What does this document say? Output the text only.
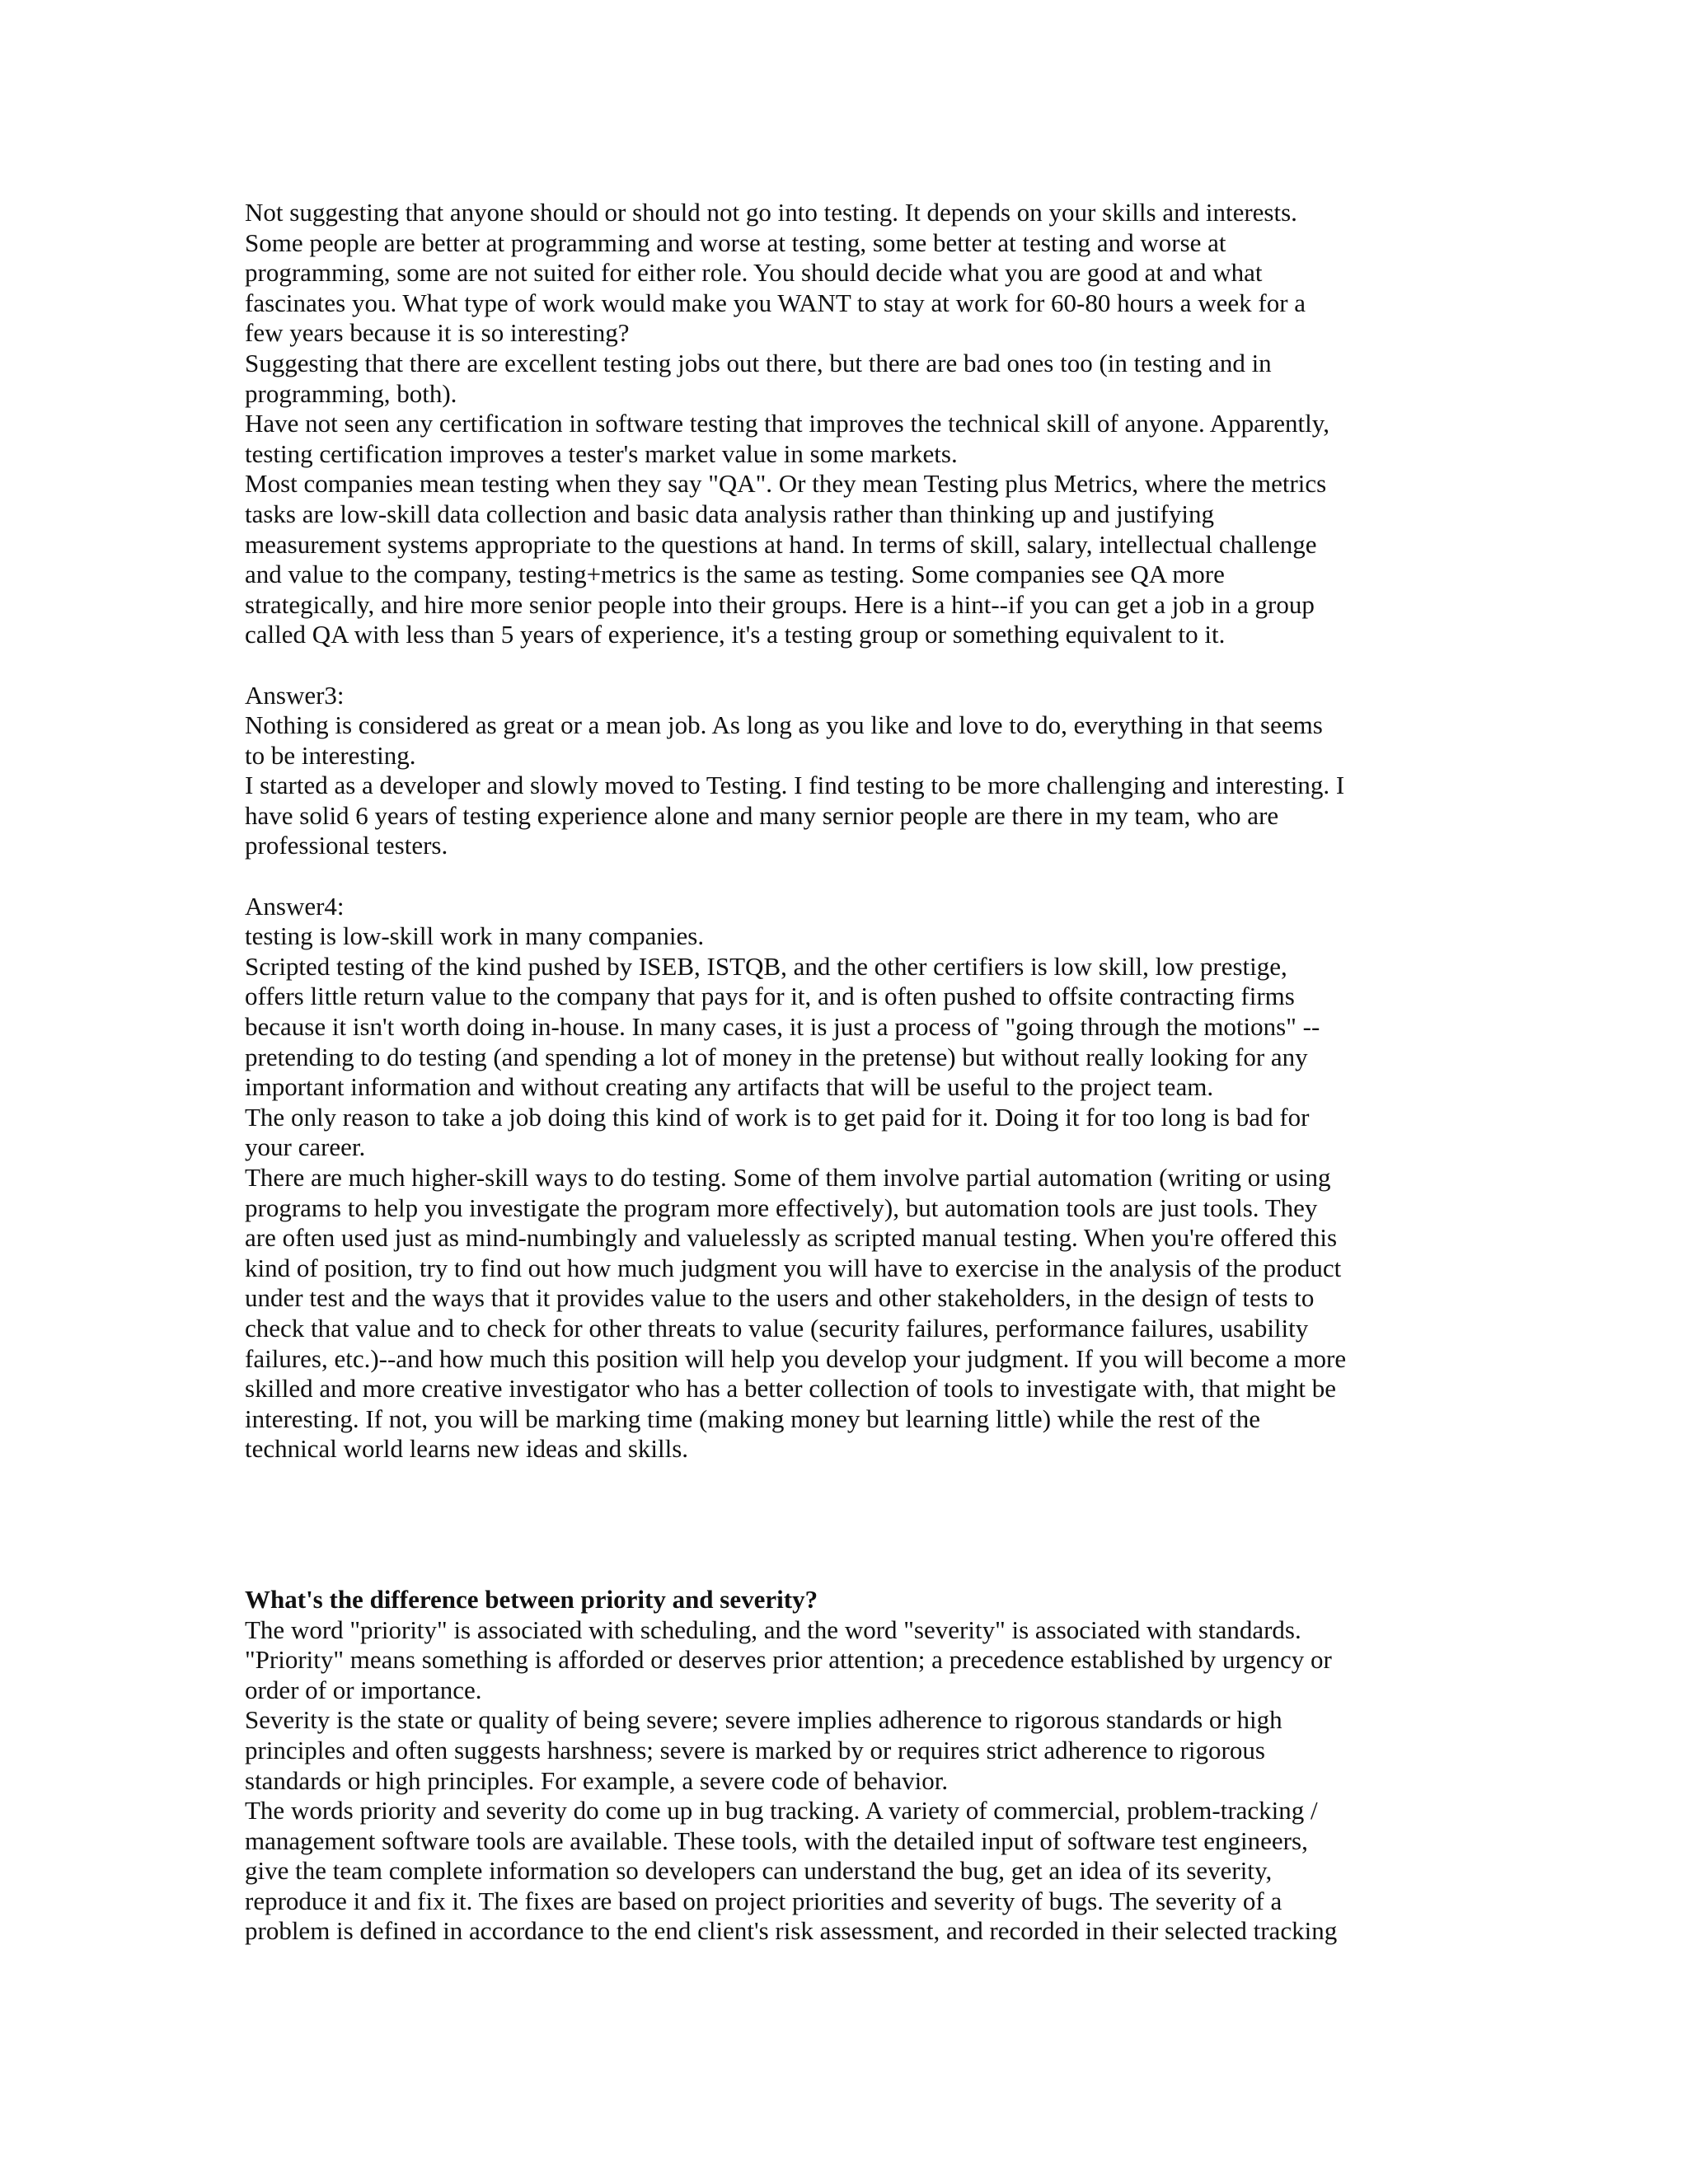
Not suggesting that anyone should or should not go into testing. It depends on your skills and interests.
Some people are better at programming and worse at testing, some better at testing and worse at
programming, some are not suited for either role. You should decide what you are good at and what
fascinates you. What type of work would make you WANT to stay at work for 60-80 hours a week for a
few years because it is so interesting?
Suggesting that there are excellent testing jobs out there, but there are bad ones too (in testing and in
programming, both).
Have not seen any certification in software testing that improves the technical skill of anyone. Apparently,
testing certification improves a tester's market value in some markets.
Most companies mean testing when they say "QA". Or they mean Testing plus Metrics, where the metrics
tasks are low-skill data collection and basic data analysis rather than thinking up and justifying
measurement systems appropriate to the questions at hand. In terms of skill, salary, intellectual challenge
and value to the company, testing+metrics is the same as testing. Some companies see QA more
strategically, and hire more senior people into their groups. Here is a hint--if you can get a job in a group
called QA with less than 5 years of experience, it's a testing group or something equivalent to it.
Answer3:
Nothing is considered as great or a mean job. As long as you like and love to do, everything in that seems
to be interesting.
I started as a developer and slowly moved to Testing. I find testing to be more challenging and interesting. I
have solid 6 years of testing experience alone and many sernior people are there in my team, who are
professional testers.
Answer4:
testing is low-skill work in many companies.
Scripted testing of the kind pushed by ISEB, ISTQB, and the other certifiers is low skill, low prestige,
offers little return value to the company that pays for it, and is often pushed to offsite contracting firms
because it isn't worth doing in-house. In many cases, it is just a process of "going through the motions" --
pretending to do testing (and spending a lot of money in the pretense) but without really looking for any
important information and without creating any artifacts that will be useful to the project team.
The only reason to take a job doing this kind of work is to get paid for it. Doing it for too long is bad for
your career.
There are much higher-skill ways to do testing. Some of them involve partial automation (writing or using
programs to help you investigate the program more effectively), but automation tools are just tools. They
are often used just as mind-numbingly and valuelessly as scripted manual testing. When you're offered this
kind of position, try to find out how much judgment you will have to exercise in the analysis of the product
under test and the ways that it provides value to the users and other stakeholders, in the design of tests to
check that value and to check for other threats to value (security failures, performance failures, usability
failures, etc.)--and how much this position will help you develop your judgment. If you will become a more
skilled and more creative investigator who has a better collection of tools to investigate with, that might be
interesting. If not, you will be marking time (making money but learning little) while the rest of the
technical world learns new ideas and skills.
What's the difference between priority and severity?
The word "priority" is associated with scheduling, and the word "severity" is associated with standards.
"Priority" means something is afforded or deserves prior attention; a precedence established by urgency or
order of or importance.
Severity is the state or quality of being severe; severe implies adherence to rigorous standards or high
principles and often suggests harshness; severe is marked by or requires strict adherence to rigorous
standards or high principles. For example, a severe code of behavior.
The words priority and severity do come up in bug tracking. A variety of commercial, problem-tracking /
management software tools are available. These tools, with the detailed input of software test engineers,
give the team complete information so developers can understand the bug, get an idea of its severity,
reproduce it and fix it. The fixes are based on project priorities and severity of bugs. The severity of a
problem is defined in accordance to the end client's risk assessment, and recorded in their selected tracking
